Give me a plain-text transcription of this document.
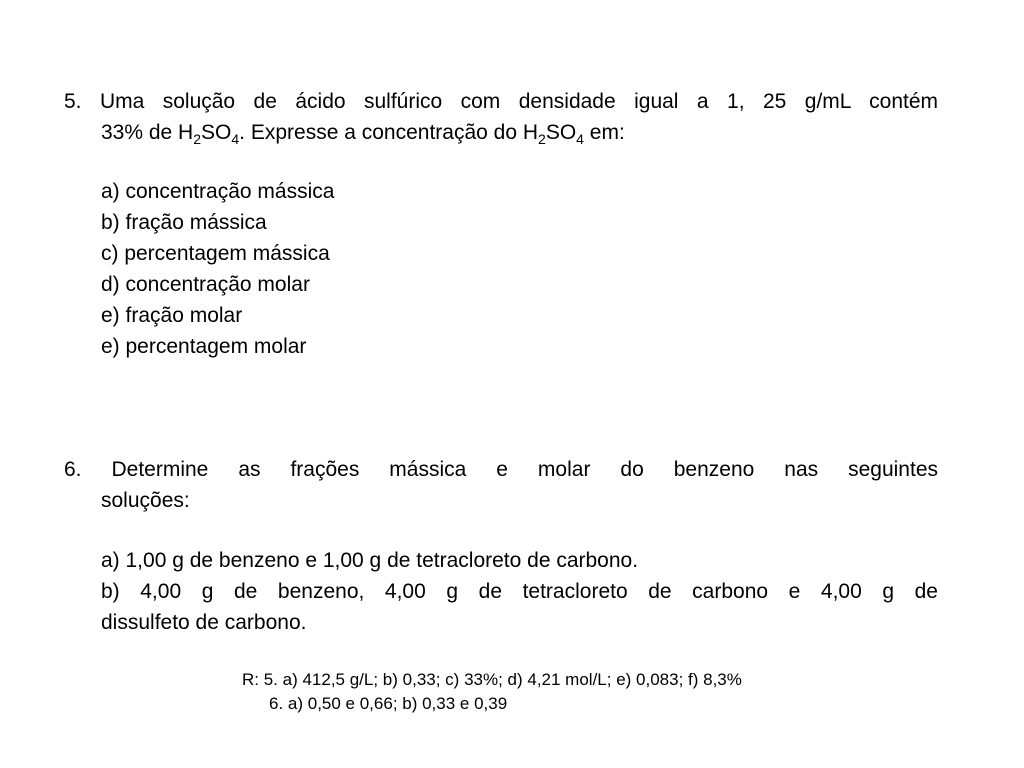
5. Uma solução de ácido sulfúrico com densidade igual a 1, 25 g/mL contém
33% de $H_2SO_4$. Expresse a concentração do $H_2SO_4$ em:
a) concentração mássica
b) fração mássica
c) percentagem mássica
d) concentração molar
e) fração molar
e) percentagem molar
6. Determine as frações mássica e molar do benzeno nas seguintes
soluções:
a) 1,00 g de benzeno e 1,00 g de tetracloreto de carbono.
b) 4,00 g de benzeno, 4,00 g de tetracloreto de carbono e 4,00 g de
dissulfeto de carbono.
R: 5. a) 412,5 g/L; b) 0,33; c) 33%; d) 4,21 mol/L; e) 0,083; f) 8,3%
6. a) 0,50 e 0,66; b) 0,33 e 0,39
